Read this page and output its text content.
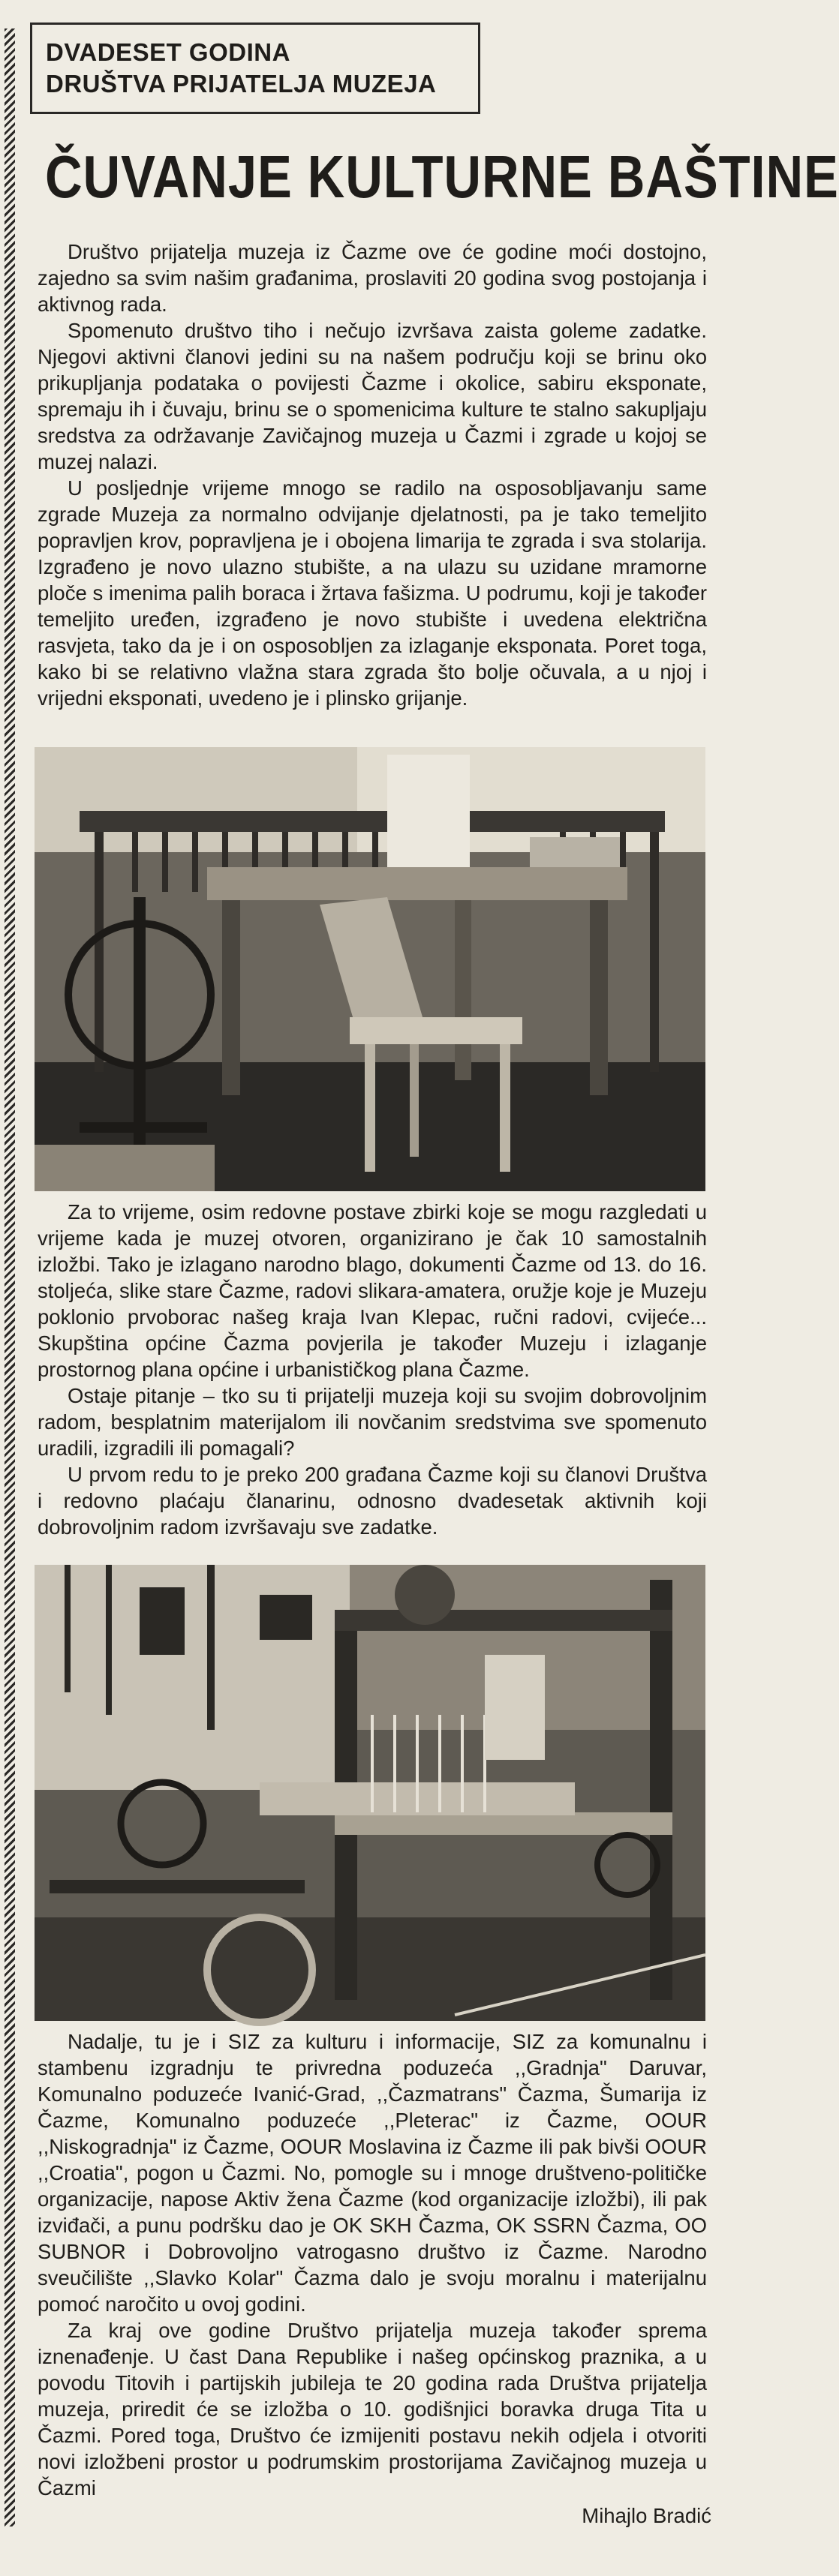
DVADESET GODINA
DRUŠTVA PRIJATELJA MUZEJA
ČUVANJE KULTURNE BAŠTINE

Društvo prijatelja muzeja iz Čazme ove će godine moći dostojno, zajedno sa svim našim građanima, proslaviti 20 godina svog postojanja i aktivnog rada.

Spomenuto društvo tiho i nečujo izvršava zaista goleme zadatke. Njegovi aktivni članovi jedini su na našem području koji se brinu oko prikupljanja podataka o povijesti Čazme i okolice, sabiru eksponate, spremaju ih i čuvaju, brinu se o spomenicima kulture te stalno sakupljaju sredstva za održavanje Zavičajnog muzeja u Čazmi i zgrade u kojoj se muzej nalazi.

U posljednje vrijeme mnogo se radilo na osposobljavanju same zgrade Muzeja za normalno odvijanje djelatnosti, pa je tako temeljito popravljen krov, popravljena je i obojena limarija te zgrada i sva stolarija. Izgrađeno je novo ulazno stubište, a na ulazu su uzidane mramorne ploče s imenima palih boraca i žrtava fašizma. U podrumu, koji je također temeljito uređen, izgrađeno je novo stubište i uvedena električna rasvjeta, tako da je i on osposobljen za izlaganje eksponata. Poret toga, kako bi se relativno vlažna stara zgrada što bolje očuvala, a u njoj i vrijedni eksponati, uvedeno je i plinsko grijanje.

Za to vrijeme, osim redovne postave zbirki koje se mogu razgledati u vrijeme kada je muzej otvoren, organizirano je čak 10 samostalnih izložbi. Tako je izlagano narodno blago, dokumenti Čazme od 13. do 16. stoljeća, slike stare Čazme, radovi slikara-amatera, oružje koje je Muzeju poklonio prvoborac našeg kraja Ivan Klepac, ručni radovi, cvijeće... Skupština općine Čazma povjerila je također Muzeju i izlaganje prostornog plana općine i urbanističkog plana Čazme.

Ostaje pitanje – tko su ti prijatelji muzeja koji su svojim dobrovoljnim radom, besplatnim materijalom ili novčanim sredstvima sve spomenuto uradili, izgradili ili pomagali?

U prvom redu to je preko 200 građana Čazme koji su članovi Društva i redovno plaćaju članarinu, odnosno dvadesetak aktivnih koji dobrovoljnim radom izvršavaju sve zadatke.

Nadalje, tu je i SIZ za kulturu i informacije, SIZ za komunalnu i stambenu izgradnju te privredna poduzeća ,,Gradnja" Daruvar, Komunalno poduzeće Ivanić-Grad, ,,Čazmatrans" Čazma, Šumarija iz Čazme, Komunalno poduzeće ,,Pleterac" iz Čazme, OOUR ,,Niskogradnja" iz Čazme, OOUR Moslavina iz Čazme ili pak bivši OOUR ,,Croatia", pogon u Čazmi. No, pomogle su i mnoge društveno-političke organizacije, napose Aktiv žena Čazme (kod organizacije izložbi), ili pak izviđači, a punu podršku dao je OK SKH Čazma, OK SSRN Čazma, OO SUBNOR i Dobrovoljno vatrogasno društvo iz Čazme. Narodno sveučilište ,,Slavko Kolar" Čazma dalo je svoju moralnu i materijalnu pomoć naročito u ovoj godini.

Za kraj ove godine Društvo prijatelja muzeja također sprema iznenađenje. U čast Dana Republike i našeg općinskog praznika, a u povodu Titovih i partijskih jubileja te 20 godina rada Društva prijatelja muzeja, priredit će se izložba o 10. godišnjici boravka druga Tita u Čazmi. Pored toga, Društvo će izmijeniti postavu nekih odjela i otvoriti novi izložbeni prostor u podrumskim prostorijama Zavičajnog muzeja u Čazmi

Mihajlo Bradić
